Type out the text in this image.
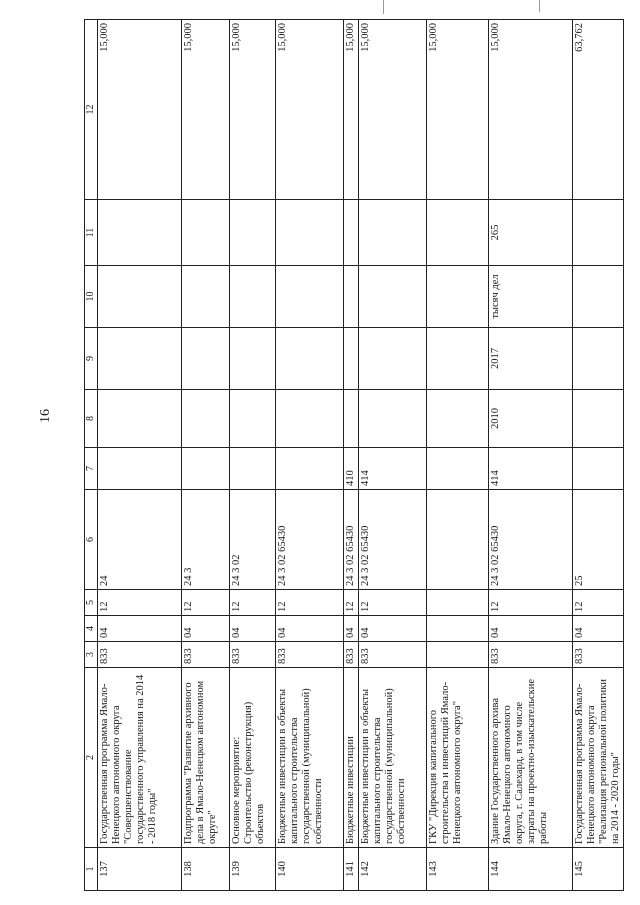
16
1	2	3	4	5	6	7	8	9	10	11	12
137	Государственная программа Ямало-Ненецкого автономного округа "Совершенствование государственного управления на 2014 - 2018 годы"	833	04	12	24						15,000
138	Подпрограмма "Развитие архивного дела в Ямало-Ненецком автономном округе"	833	04	12	24 3						15,000
139	Основное мероприятие: Строительство (реконструкция) объектов	833	04	12	24 3 02						15,000
140	Бюджетные инвестиции в объекты капитального строительства государственной (муниципальной) собственности	833	04	12	24 3 02 65430						15,000
141	Бюджетные инвестиции	833	04	12	24 3 02 65430	410					15,000
142	Бюджетные инвестиции в объекты капитального строительства государственной (муниципальной) собственности	833	04	12	24 3 02 65430	414					15,000
143	ГКУ "Дирекция капитального строительства и инвестиций Ямало-Ненецкого автономного округа"										15,000
144	Здание Государственного архива Ямало-Ненецкого автономного округа, г. Салехард, в том числе затраты на проектно-изыскательские работы	833	04	12	24 3 02 65430	414	2010	2017	тысяч дел	265	15,000
145	Государственная программа Ямало-Ненецкого автономного округа "Реализация региональной политики на 2014 - 2020 годы"	833	04	12	25						63,762
